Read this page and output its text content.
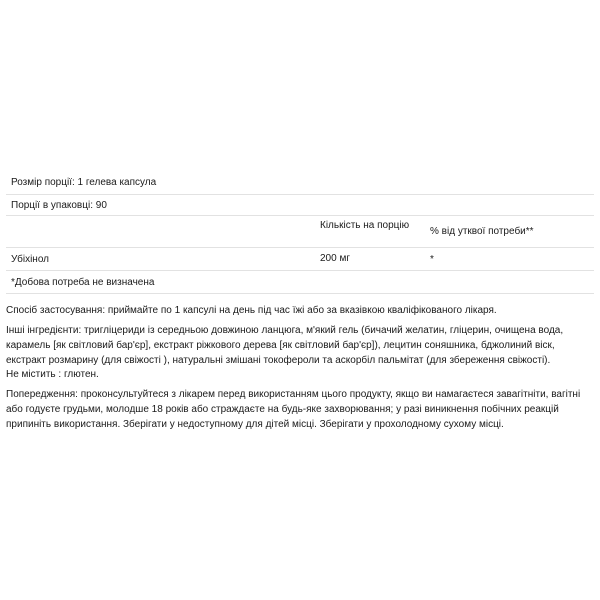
Розмір порції: 1 гелева капсула
Порції в упаковці: 90
Кількість на порцію
% від утквої потреби**
Убіхінол	200 мг	*
*Добова потреба не визначена

Спосіб застосування: приймайте по 1 капсулі на день під час їжі або за вказівкою кваліфікованого лікаря.

Інші інгредієнти: тригліцериди із середньою довжиною ланцюга, м'який гель (бичачий желатин, гліцерин, очищена вода, карамель [як світловий бар'єр], екстракт ріжкового дерева [як світловий бар'єр]), лецитин соняшника, бджолиний віск, екстракт розмарину (для свіжості ), натуральні змішані токофероли та аскорбіл пальмітат (для збереження свіжості).

Не містить : глютен.

Попередження: проконсультуйтеся з лікарем перед використанням цього продукту, якщо ви намагаєтеся завагітніти, вагітні або годуєте грудьми, молодше 18 років або страждаєте на будь-яке захворювання; у разі виникнення побічних реакцій припиніть використання. Зберігати у недоступному для дітей місці. Зберігати у прохолодному сухому місці.
